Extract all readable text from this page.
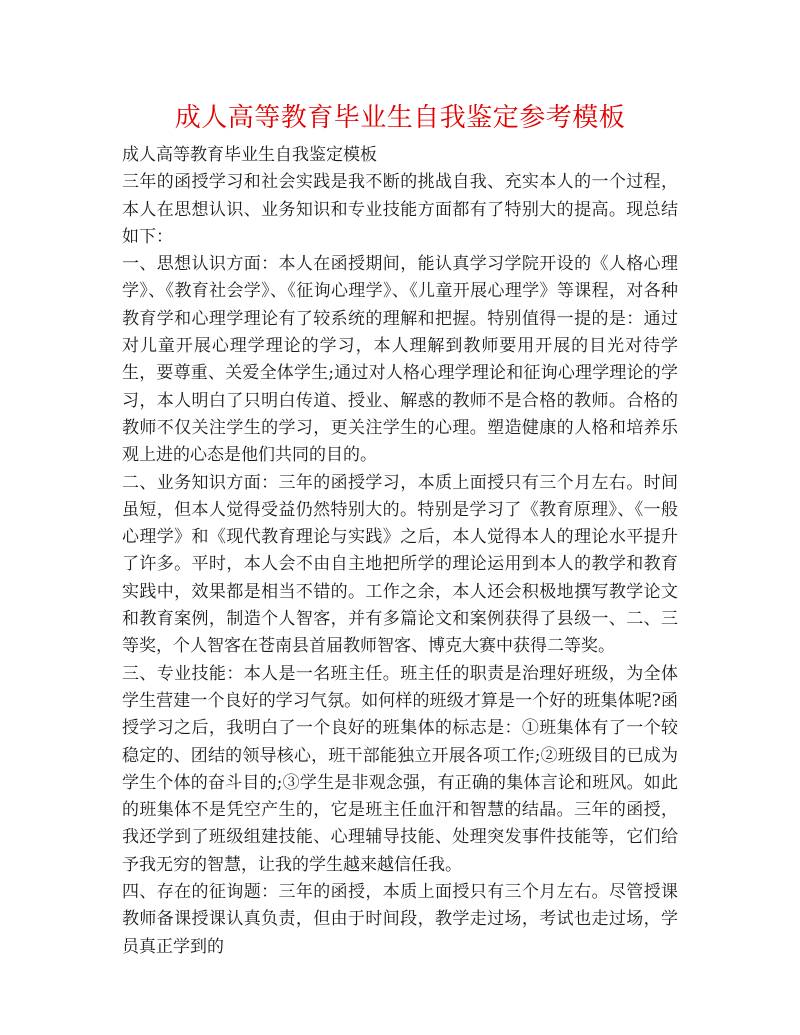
成人高等教育毕业生自我鉴定参考模板

成人高等教育毕业生自我鉴定模板

三年的函授学习和社会实践是我不断的挑战自我、充实本人的一个过程，本人在思想认识、业务知识和专业技能方面都有了特别大的提高。现总结如下：

一、思想认识方面：本人在函授期间，能认真学习学院开设的《人格心理学》、《教育社会学》、《征询心理学》、《儿童开展心理学》等课程，对各种教育学和心理学理论有了较系统的理解和把握。特别值得一提的是：通过对儿童开展心理学理论的学习，本人理解到教师要用开展的目光对待学生，要尊重、关爱全体学生;通过对人格心理学理论和征询心理学理论的学习，本人明白了只明白传道、授业、解惑的教师不是合格的教师。合格的教师不仅关注学生的学习，更关注学生的心理。塑造健康的人格和培养乐观上进的心态是他们共同的目的。

二、业务知识方面：三年的函授学习，本质上面授只有三个月左右。时间虽短，但本人觉得受益仍然特别大的。特别是学习了《教育原理》、《一般心理学》和《现代教育理论与实践》之后，本人觉得本人的理论水平提升了许多。平时，本人会不由自主地把所学的理论运用到本人的教学和教育实践中，效果都是相当不错的。工作之余，本人还会积极地撰写教学论文和教育案例，制造个人智客，并有多篇论文和案例获得了县级一、二、三等奖，个人智客在苍南县首届教师智客、博克大赛中获得二等奖。

三、专业技能：本人是一名班主任。班主任的职责是治理好班级，为全体学生营建一个良好的学习气氛。如何样的班级才算是一个好的班集体呢?函授学习之后，我明白了一个良好的班集体的标志是：①班集体有了一个较稳定的、团结的领导核心，班干部能独立开展各项工作;②班级目的已成为学生个体的奋斗目的;③学生是非观念强，有正确的集体言论和班风。如此的班集体不是凭空产生的，它是班主任血汗和智慧的结晶。三年的函授，我还学到了班级组建技能、心理辅导技能、处理突发事件技能等，它们给予我无穷的智慧，让我的学生越来越信任我。

四、存在的征询题：三年的函授，本质上面授只有三个月左右。尽管授课教师备课授课认真负责，但由于时间段，教学走过场，考试也走过场，学员真正学到的
